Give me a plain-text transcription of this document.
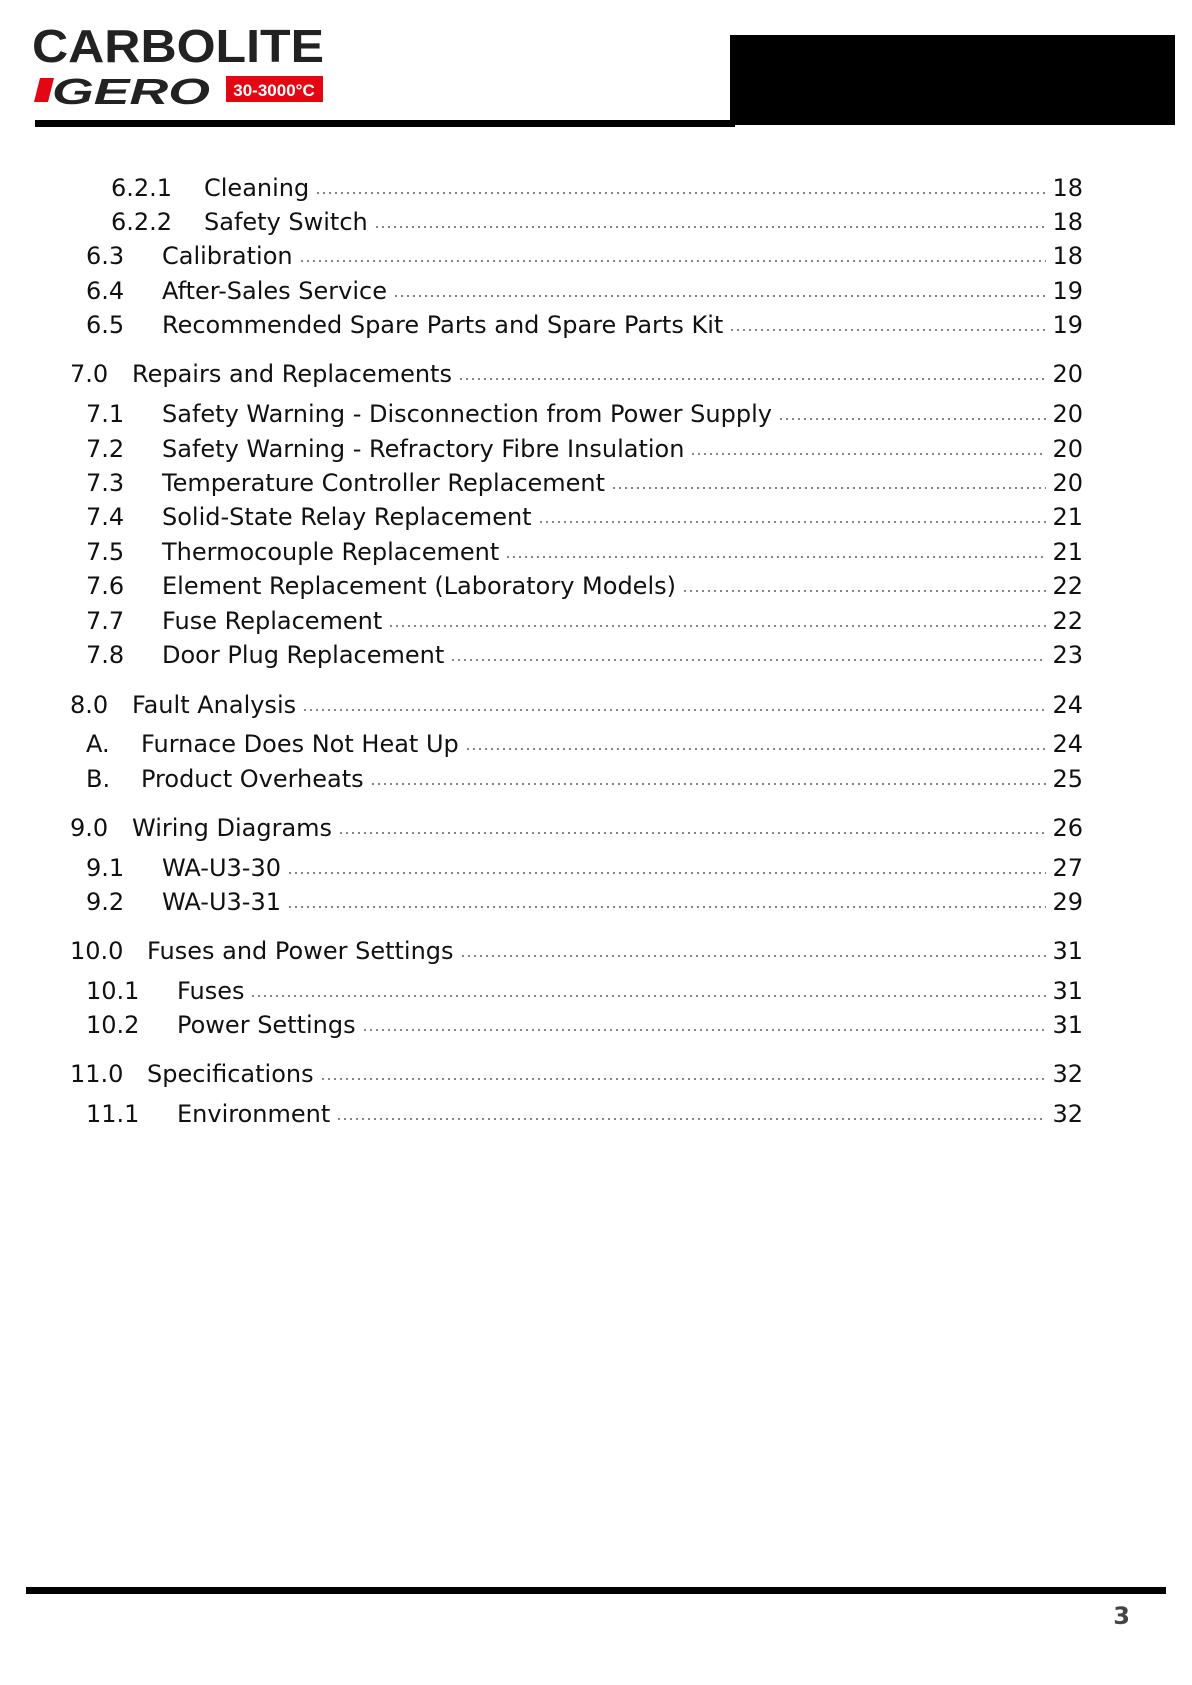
CARBOLITE
GERO 30-3000°C
6.2.1	Cleaning	18
6.2.2	Safety Switch	18
6.3	Calibration	18
6.4	After-Sales Service	19
6.5	Recommended Spare Parts and Spare Parts Kit	19
7.0 Repairs and Replacements	20
7.1	Safety Warning - Disconnection from Power Supply	20
7.2	Safety Warning - Refractory Fibre Insulation	20
7.3	Temperature Controller Replacement	20
7.4	Solid-State Relay Replacement	21
7.5	Thermocouple Replacement	21
7.6	Element Replacement (Laboratory Models)	22
7.7	Fuse Replacement	22
7.8	Door Plug Replacement	23
8.0 Fault Analysis	24
A.	Furnace Does Not Heat Up	24
B.	Product Overheats	25
9.0 Wiring Diagrams	26
9.1	WA-U3-30	27
9.2	WA-U3-31	29
10.0 Fuses and Power Settings	31
10.1	Fuses	31
10.2	Power Settings	31
11.0 Specifications	32
11.1	Environment	32
3
